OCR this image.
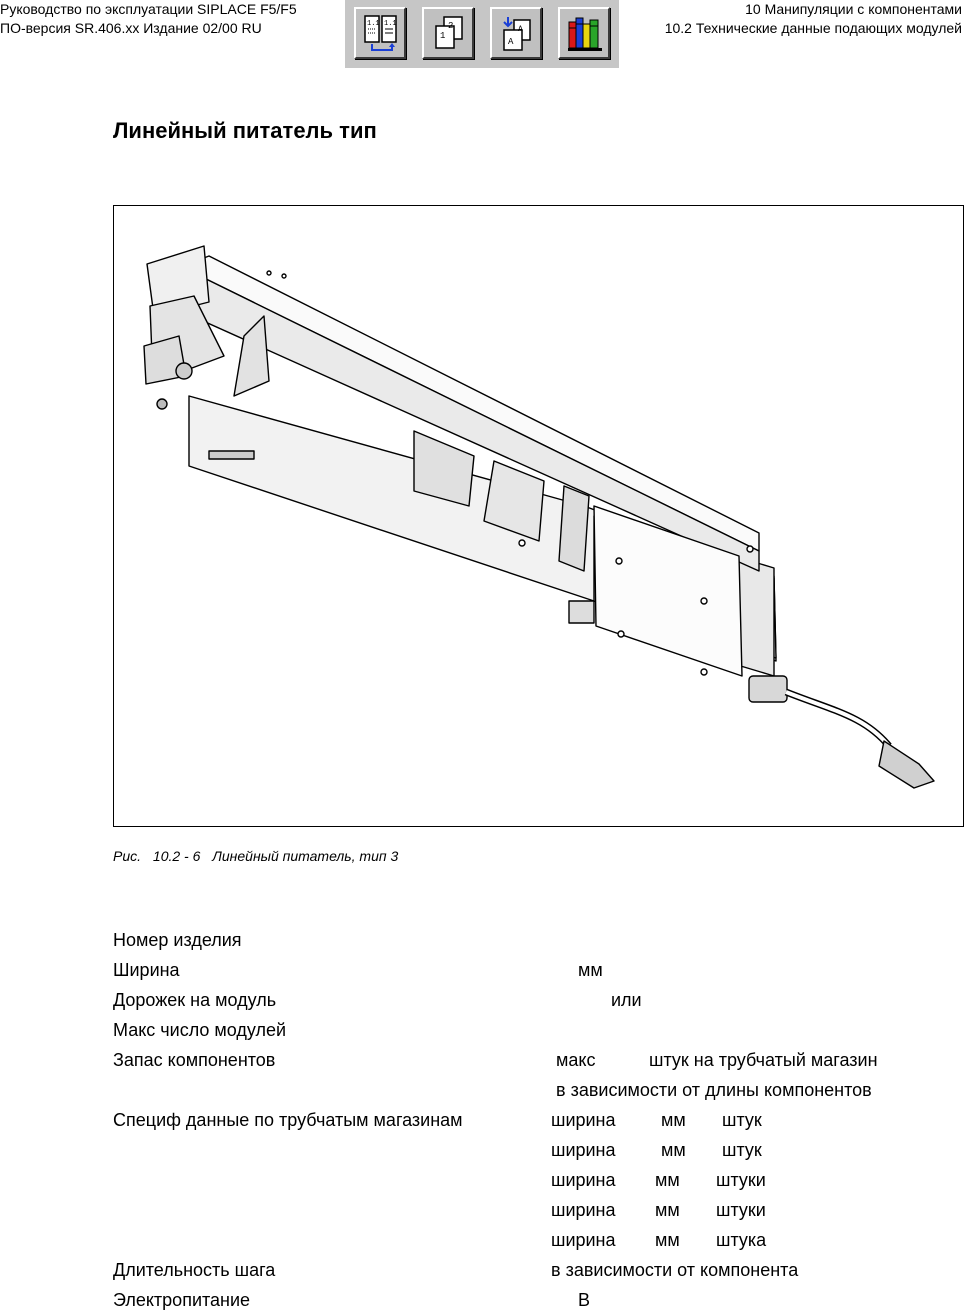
Руководство по эксплуатации SIPLACE F5/F5
ПО-версия SR.406.xx Издание 02/00 RU
10 Манипуляции с компонентами
10.2 Технические данные подающих модулей
1.1 1.1	2
1
A
A
Линейный питатель тип
Рис. 10.2 - 6 Линейный питатель, тип 3
Номер изделия
Ширина	мм
Дорожек на модуль	или
Макс число модулей
Запас компонентов	макс	штук на трубчатый магазин
в зависимости от длины компонентов
Специф данные по трубчатым магазинам	ширина	мм штук
ширина	мм штук
ширина мм штуки
ширина мм штуки
ширина мм штука
Длительность шага	в зависимости от компонента
Электропитание	В
